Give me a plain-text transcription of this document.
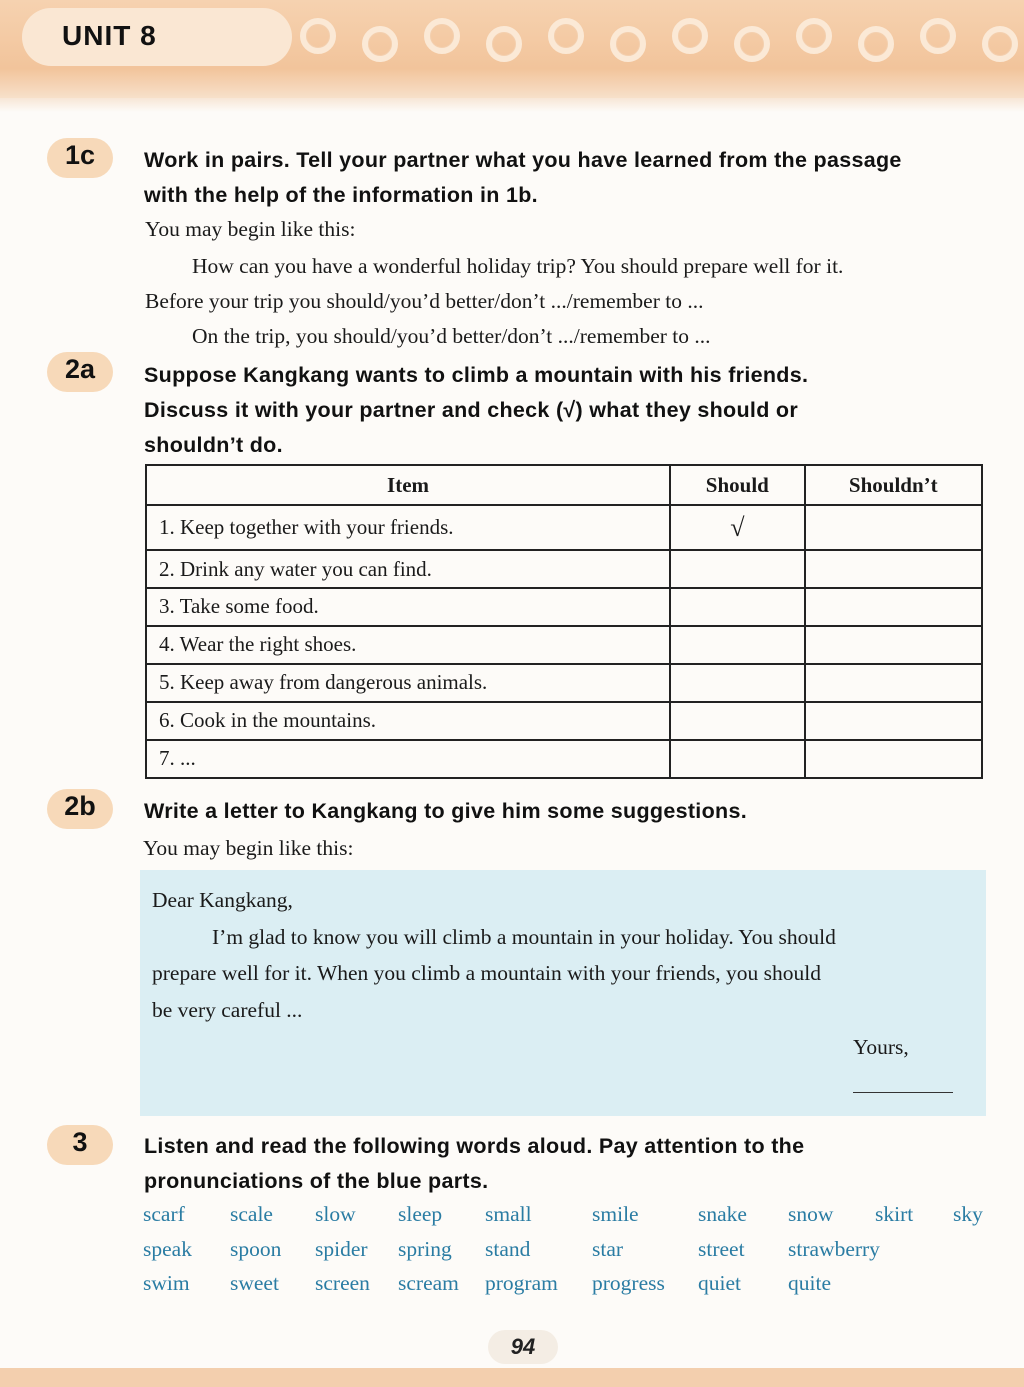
UNIT 8
1c	Work in pairs. Tell your partner what you have learned from the passage
with the help of the information in 1b.
You may begin like this:
How can you have a wonderful holiday trip? You should prepare well for it.
Before your trip you should/you’d better/don’t .../remember to ...
On the trip, you should/you’d better/don’t .../remember to ...
2a	Suppose Kangkang wants to climb a mountain with his friends.
Discuss it with your partner and check (√) what they should or
shouldn’t do.
Item	Should	Shouldn’t
1. Keep together with your friends.	√	
2. Drink any water you can find.		
3. Take some food.		
4. Wear the right shoes.		
5. Keep away from dangerous animals.		
6. Cook in the mountains.		
7. ...		
2b	Write a letter to Kangkang to give him some suggestions.
You may begin like this:
Dear Kangkang,
I’m glad to know you will climb a mountain in your holiday. You should
prepare well for it. When you climb a mountain with your friends, you should
be very careful ...
Yours,
3	Listen and read the following words aloud. Pay attention to the
pronunciations of the blue parts.
scarf scale slow sleep small	smile	snake snow skirt sky
speak spoon spider spring stand	star	street strawberry
swim sweet screen scream program progress quiet quite
94
